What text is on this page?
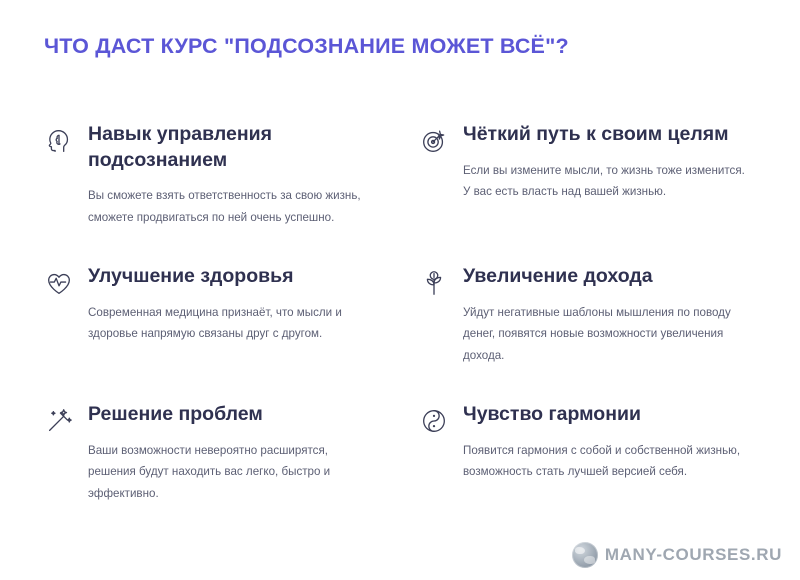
ЧТО ДАСТ КУРС "ПОДСОЗНАНИЕ МОЖЕТ ВСЁ"?
Навык управления подсознанием

Вы сможете взять ответственность за свою жизнь, сможете продвигаться по ней очень успешно.

Чёткий путь к своим целям

Если вы измените мысли, то жизнь тоже изменится. У вас есть власть над вашей жизнью.

Улучшение здоровья

Современная медицина признаёт, что мысли и здоровье напрямую связаны друг с другом.

Увеличение дохода

Уйдут негативные шаблоны мышления по поводу денег, появятся новые возможности увеличения дохода.

Решение проблем

Ваши возможности невероятно расширятся, решения будут находить вас легко, быстро и эффективно.

Чувство гармонии

Появится гармония с собой и собственной жизнью, возможность стать лучшей версией себя.

MANY-COURSES.RU
